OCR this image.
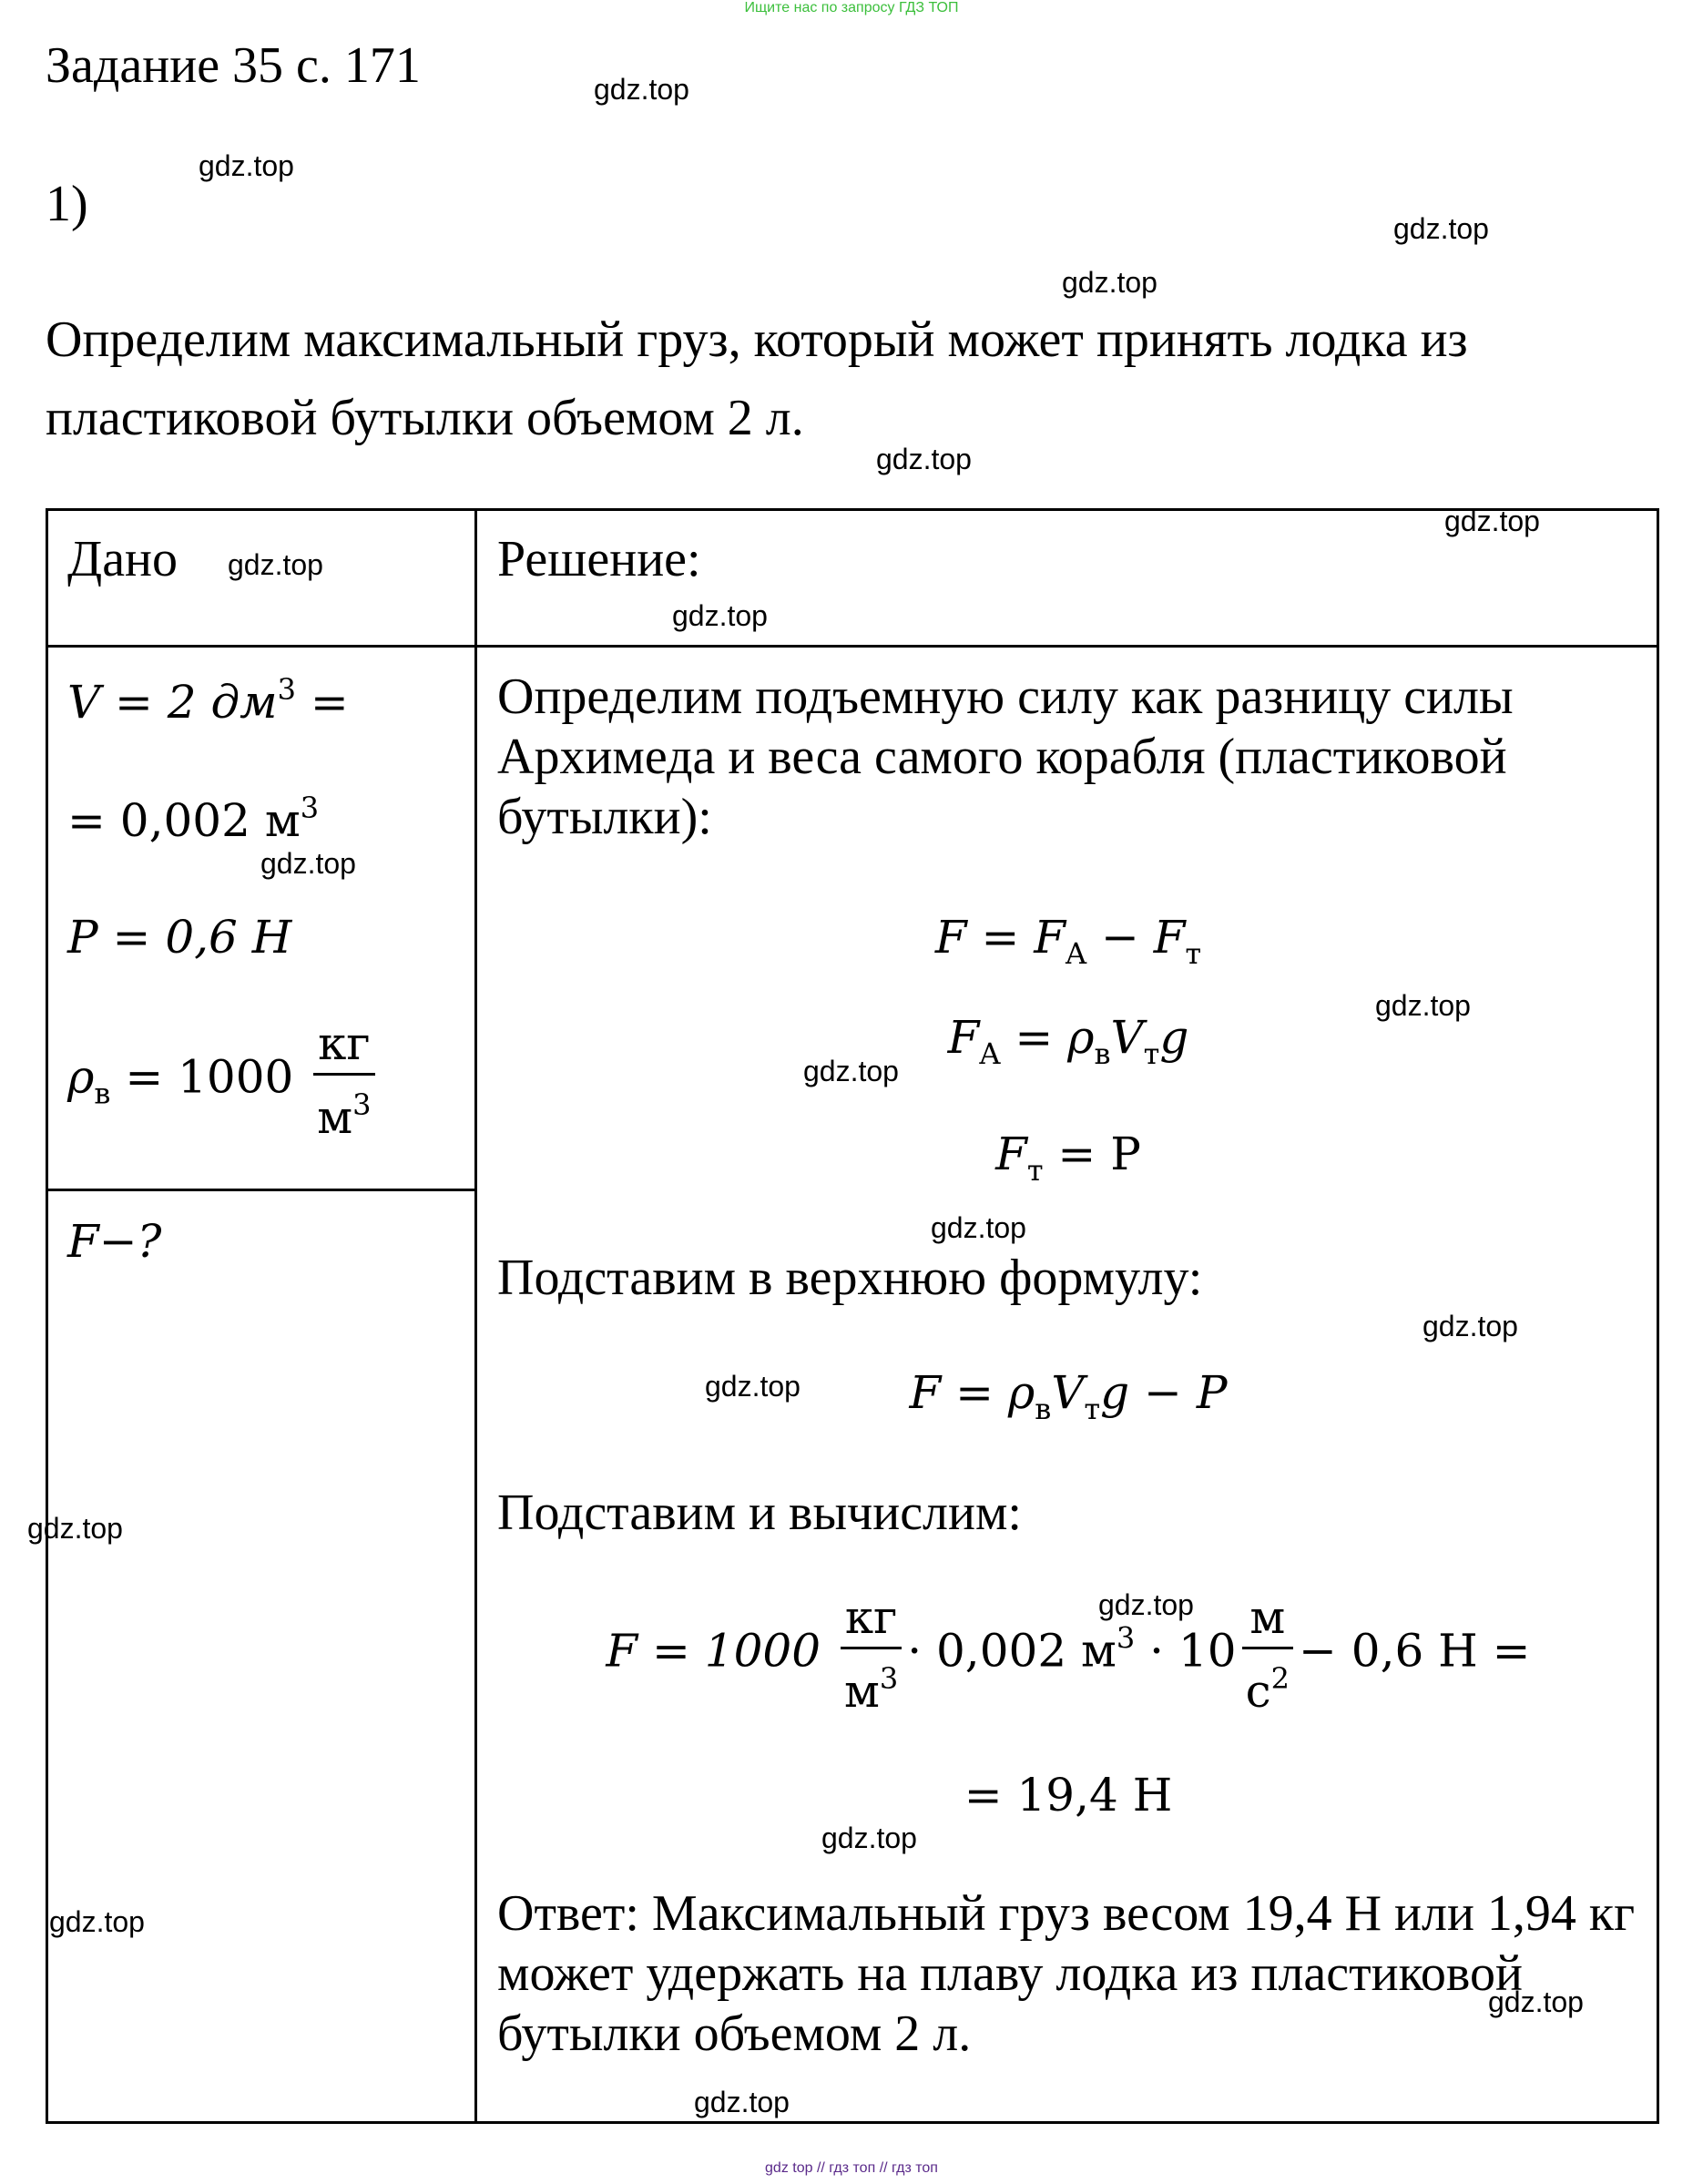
Ищите нас по запросу ГДЗ ТОП
gdz top // гдз топ // гдз топ
Задание 35 с. 171
1)
Определим максимальный груз, который может принять лодка из пластиковой бутылки объемом 2 л.
Дано	Решение:
V = 2 $дм^3$ =
= 0,002 $м^3$
P = 0,6 H
$\rho_в = 1000 \frac{кг}{м^3}$
F−?
Определим подъемную силу как разницу силы Архимеда и веса самого корабля (пластиковой бутылки):
$F = F_A - F_т$
$F_A = \rho_вV_тg$
$F_т = P$
Подставим в верхнюю формулу:
$F = \rho_вV_тg - P$
Подставим и вычислим:
$F = 1000 \frac{кг}{м^3} \cdot 0,002$ $м^3 \cdot 10 \frac{м}{с^2} - 0,6$ H =
= 19,4 H
Ответ: Максимальный груз весом 19,4 H или 1,94 кг может удержать на плаву лодка из пластиковой бутылки объемом 2 л.
gdz.top
gdz.top
gdz.top
gdz.top
gdz.top
gdz.top
gdz.top
gdz.top
gdz.top
gdz.top
gdz.top
gdz.top
gdz.top
gdz.top
gdz.top
gdz.top
gdz.top
gdz.top
gdz.top
gdz.top
